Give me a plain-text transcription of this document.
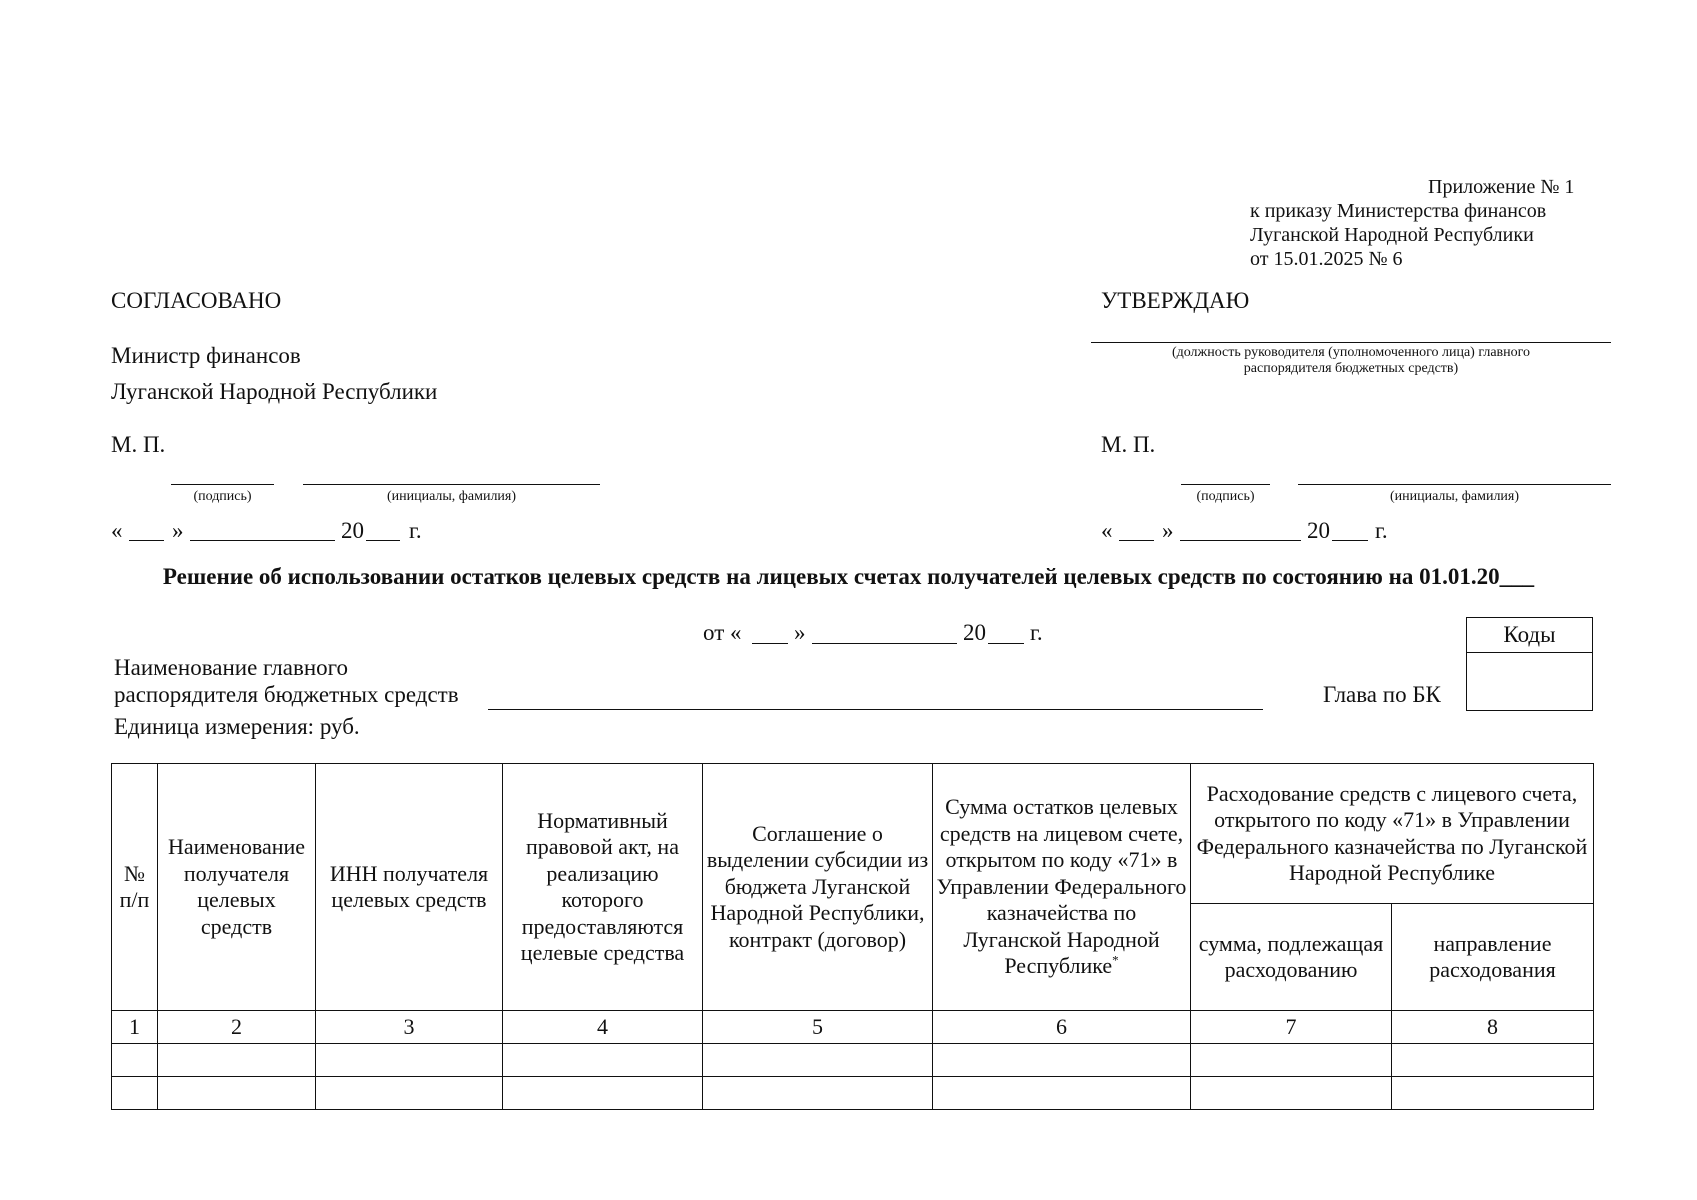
Приложение № 1
к приказу Министерства финансов
Луганской Народной Республики
от 15.01.2025 № 6
СОГЛАСОВАНО
Министр финансов
Луганской Народной Республики
М. П.
(подпись)	(инициалы, фамилия)
« »	20 г.
УТВЕРЖДАЮ
(должность руководителя (уполномоченного лица) главного
распорядителя бюджетных средств)
М. П.
(подпись)	(инициалы, фамилия)
« »	20 г.
Решение об использовании остатков целевых средств на лицевых счетах получателей целевых средств по состоянию на 01.01.20___
от « »	20 г.
Наименование главного
распорядителя бюджетных средств
Единица измерения: руб.
Глава по БК
Коды
№ п/п	Наименование получателя целевых средств	ИНН получателя целевых средств	Нормативный правовой акт, на реализацию которого предоставляются целевые средства	Соглашение о выделении субсидии из бюджета Луганской Народной Республики, контракт (договор)	Сумма остатков целевых средств на лицевом счете, открытом по коду «71» в Управлении Федерального казначейства по Луганской Народной Республике*	Расходование средств с лицевого счета, открытого по коду «71» в Управлении Федерального казначейства по Луганской Народной Республике	
						сумма, подлежащая расходованию	направление расходования
1	2	3	4	5	6	7	8
